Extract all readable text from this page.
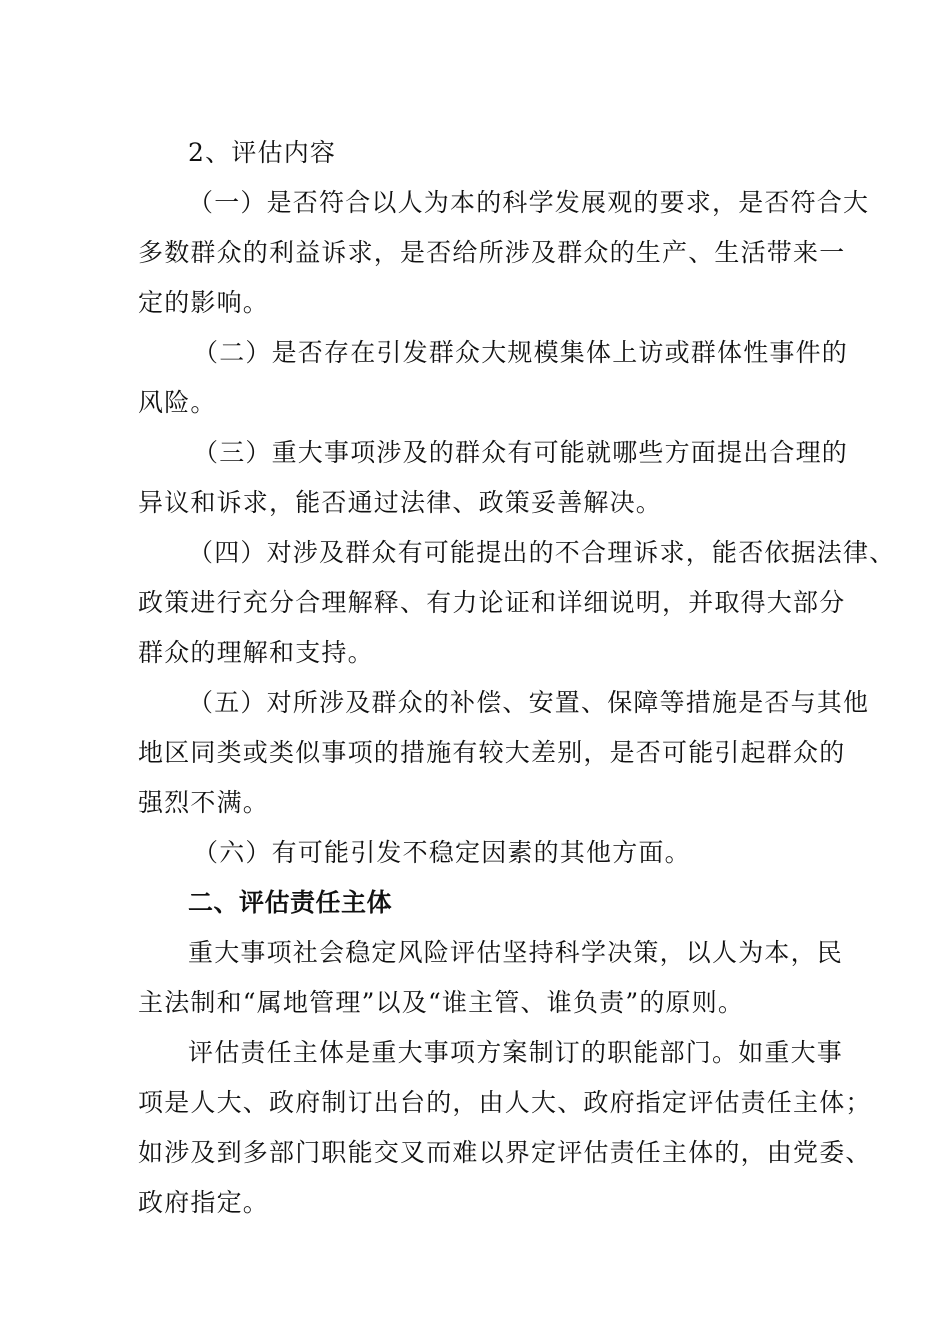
2、评估内容
（一）是否符合以人为本的科学发展观的要求，是否符合大
多数群众的利益诉求，是否给所涉及群众的生产、生活带来一
定的影响。
（二）是否存在引发群众大规模集体上访或群体性事件的
风险。
（三）重大事项涉及的群众有可能就哪些方面提出合理的
异议和诉求，能否通过法律、政策妥善解决。
（四）对涉及群众有可能提出的不合理诉求，能否依据法律、
政策进行充分合理解释、有力论证和详细说明，并取得大部分
群众的理解和支持。
（五）对所涉及群众的补偿、安置、保障等措施是否与其他
地区同类或类似事项的措施有较大差别，是否可能引起群众的
强烈不满。
（六）有可能引发不稳定因素的其他方面。
二、评估责任主体
重大事项社会稳定风险评估坚持科学决策，以人为本，民
主法制和“属地管理”以及“谁主管、谁负责”的原则。
评估责任主体是重大事项方案制订的职能部门。如重大事
项是人大、政府制订出台的，由人大、政府指定评估责任主体；
如涉及到多部门职能交叉而难以界定评估责任主体的，由党委、
政府指定。
